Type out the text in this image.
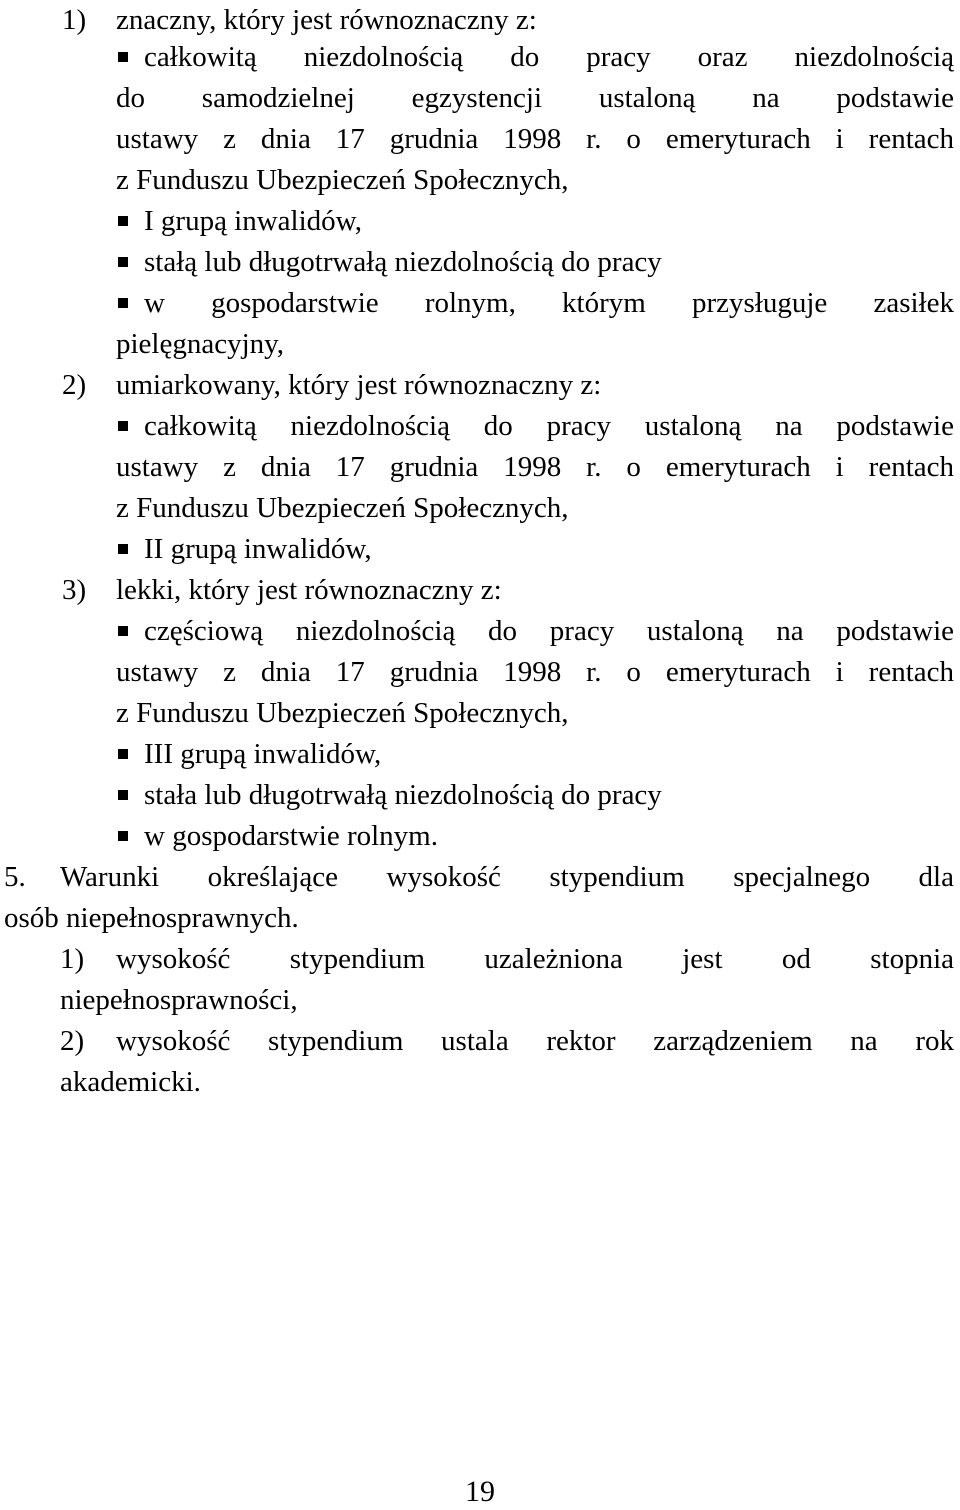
1) znaczny, który jest równoznaczny z:
całkowitą niezdolnością do pracy oraz niezdolnością
do samodzielnej egzystencji ustaloną na podstawie
ustawy z dnia 17 grudnia 1998 r. o emeryturach i rentach
z Funduszu Ubezpieczeń Społecznych,
I grupą inwalidów,
stałą lub długotrwałą niezdolnością do pracy
w gospodarstwie rolnym, którym przysługuje zasiłek
pielęgnacyjny,
2) umiarkowany, który jest równoznaczny z:
całkowitą niezdolnością do pracy ustaloną na podstawie
ustawy z dnia 17 grudnia 1998 r. o emeryturach i rentach
z Funduszu Ubezpieczeń Społecznych,
II grupą inwalidów,
3) lekki, który jest równoznaczny z:
częściową niezdolnością do pracy ustaloną na podstawie
ustawy z dnia 17 grudnia 1998 r. o emeryturach i rentach
z Funduszu Ubezpieczeń Społecznych,
III grupą inwalidów,
stała lub długotrwałą niezdolnością do pracy
w gospodarstwie rolnym.
5. Warunki określające wysokość stypendium specjalnego dla
osób niepełnosprawnych.
1) wysokość stypendium uzależniona jest od stopnia
niepełnosprawności,
2) wysokość stypendium ustala rektor zarządzeniem na rok
akademicki.
19
